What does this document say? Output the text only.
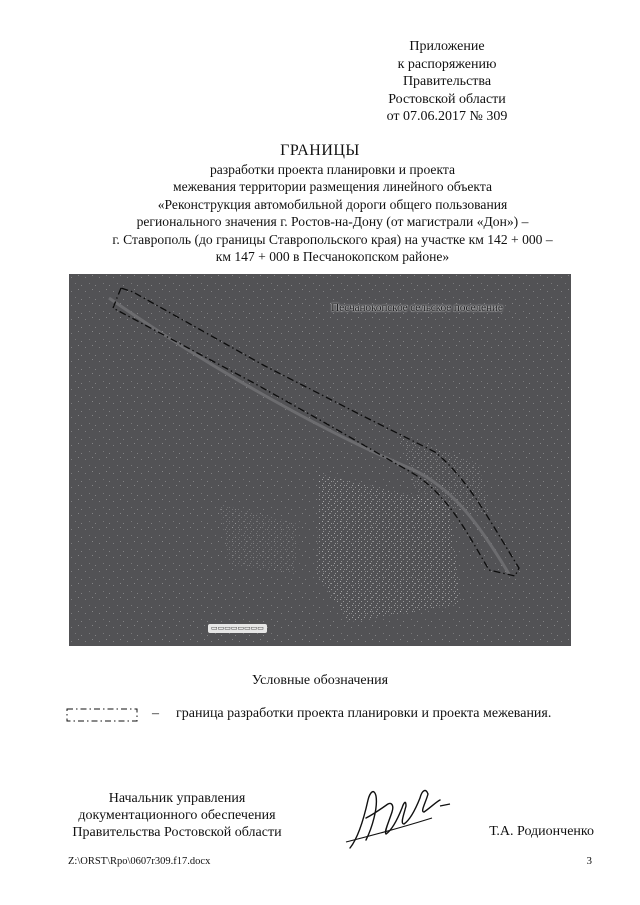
Приложение
к распоряжению
Правительства
Ростовской области
от 07.06.2017 № 309
ГРАНИЦЫ
разработки проекта планировки и проекта
межевания территории размещения линейного объекта
«Реконструкция автомобильной дороги общего пользования
регионального значения г. Ростов-на-Дону (от магистрали «Дон») –
г. Ставрополь (до границы Ставропольского края) на участке км 142 + 000 –
км 147 + 000 в Песчанокопском районе»
Песчанокопское сельское поселение
▭▭▭▭▭▭▭▭
Условные обозначения
– граница разработки проекта планировки и проекта межевания.
Начальник управления
документационного обеспечения
Правительства Ростовской области	Т.А. Родионченко
Z:\ORST\Rpo\0607r309.f17.docx	3
